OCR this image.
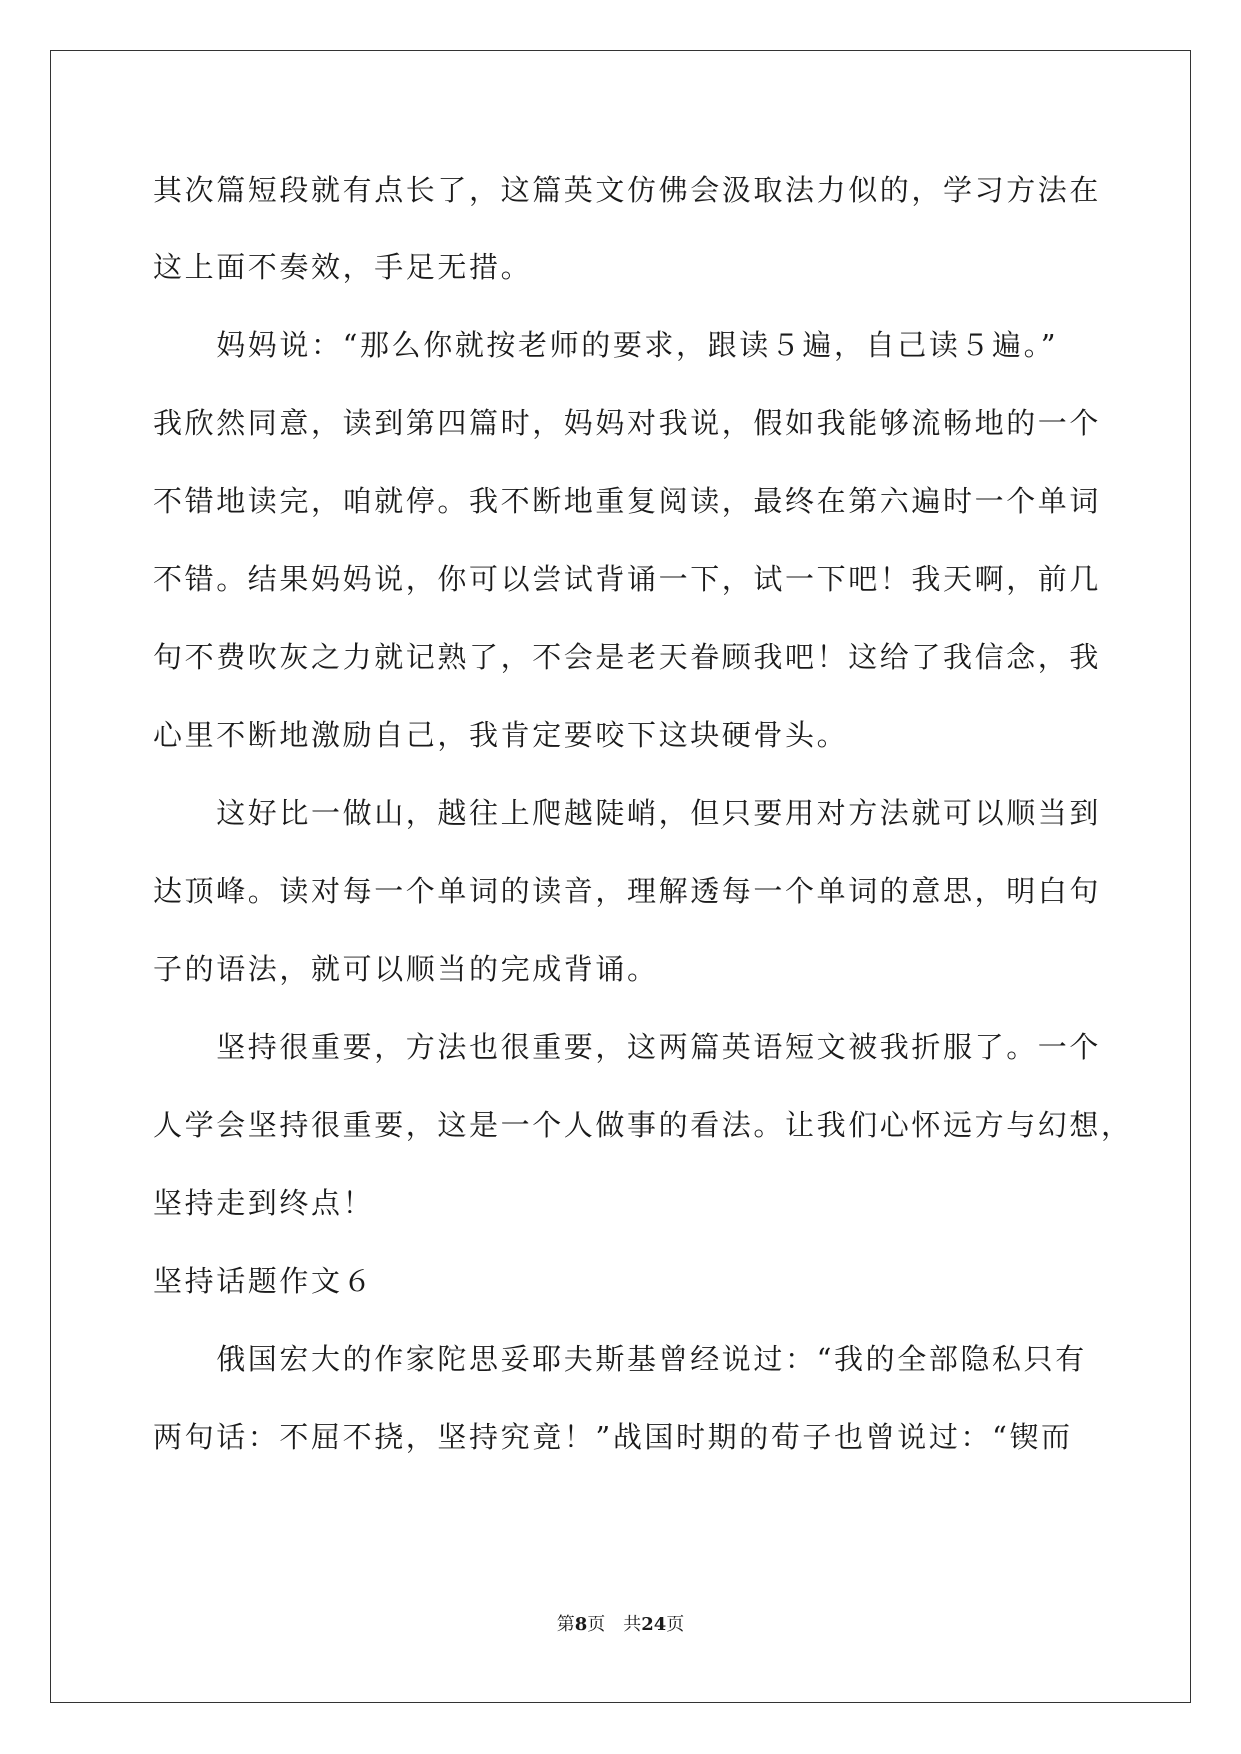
其次篇短段就有点长了，这篇英文仿佛会汲取法力似的，学习方法在
这上面不奏效，手足无措。
　　妈妈说：“那么你就按老师的要求，跟读５遍，自己读５遍。”
我欣然同意，读到第四篇时，妈妈对我说，假如我能够流畅地的一个
不错地读完，咱就停。我不断地重复阅读，最终在第六遍时一个单词
不错。结果妈妈说，你可以尝试背诵一下，试一下吧！我天啊，前几
句不费吹灰之力就记熟了，不会是老天眷顾我吧！这给了我信念，我
心里不断地激励自己，我肯定要咬下这块硬骨头。
　　这好比一做山，越往上爬越陡峭，但只要用对方法就可以顺当到
达顶峰。读对每一个单词的读音，理解透每一个单词的意思，明白句
子的语法，就可以顺当的完成背诵。
　　坚持很重要，方法也很重要，这两篇英语短文被我折服了。一个
人学会坚持很重要，这是一个人做事的看法。让我们心怀远方与幻想，
坚持走到终点！
坚持话题作文６
　　俄国宏大的作家陀思妥耶夫斯基曾经说过：“我的全部隐私只有
两句话：不屈不挠，坚持究竟！”战国时期的荀子也曾说过：“锲而
第8页　共24页
